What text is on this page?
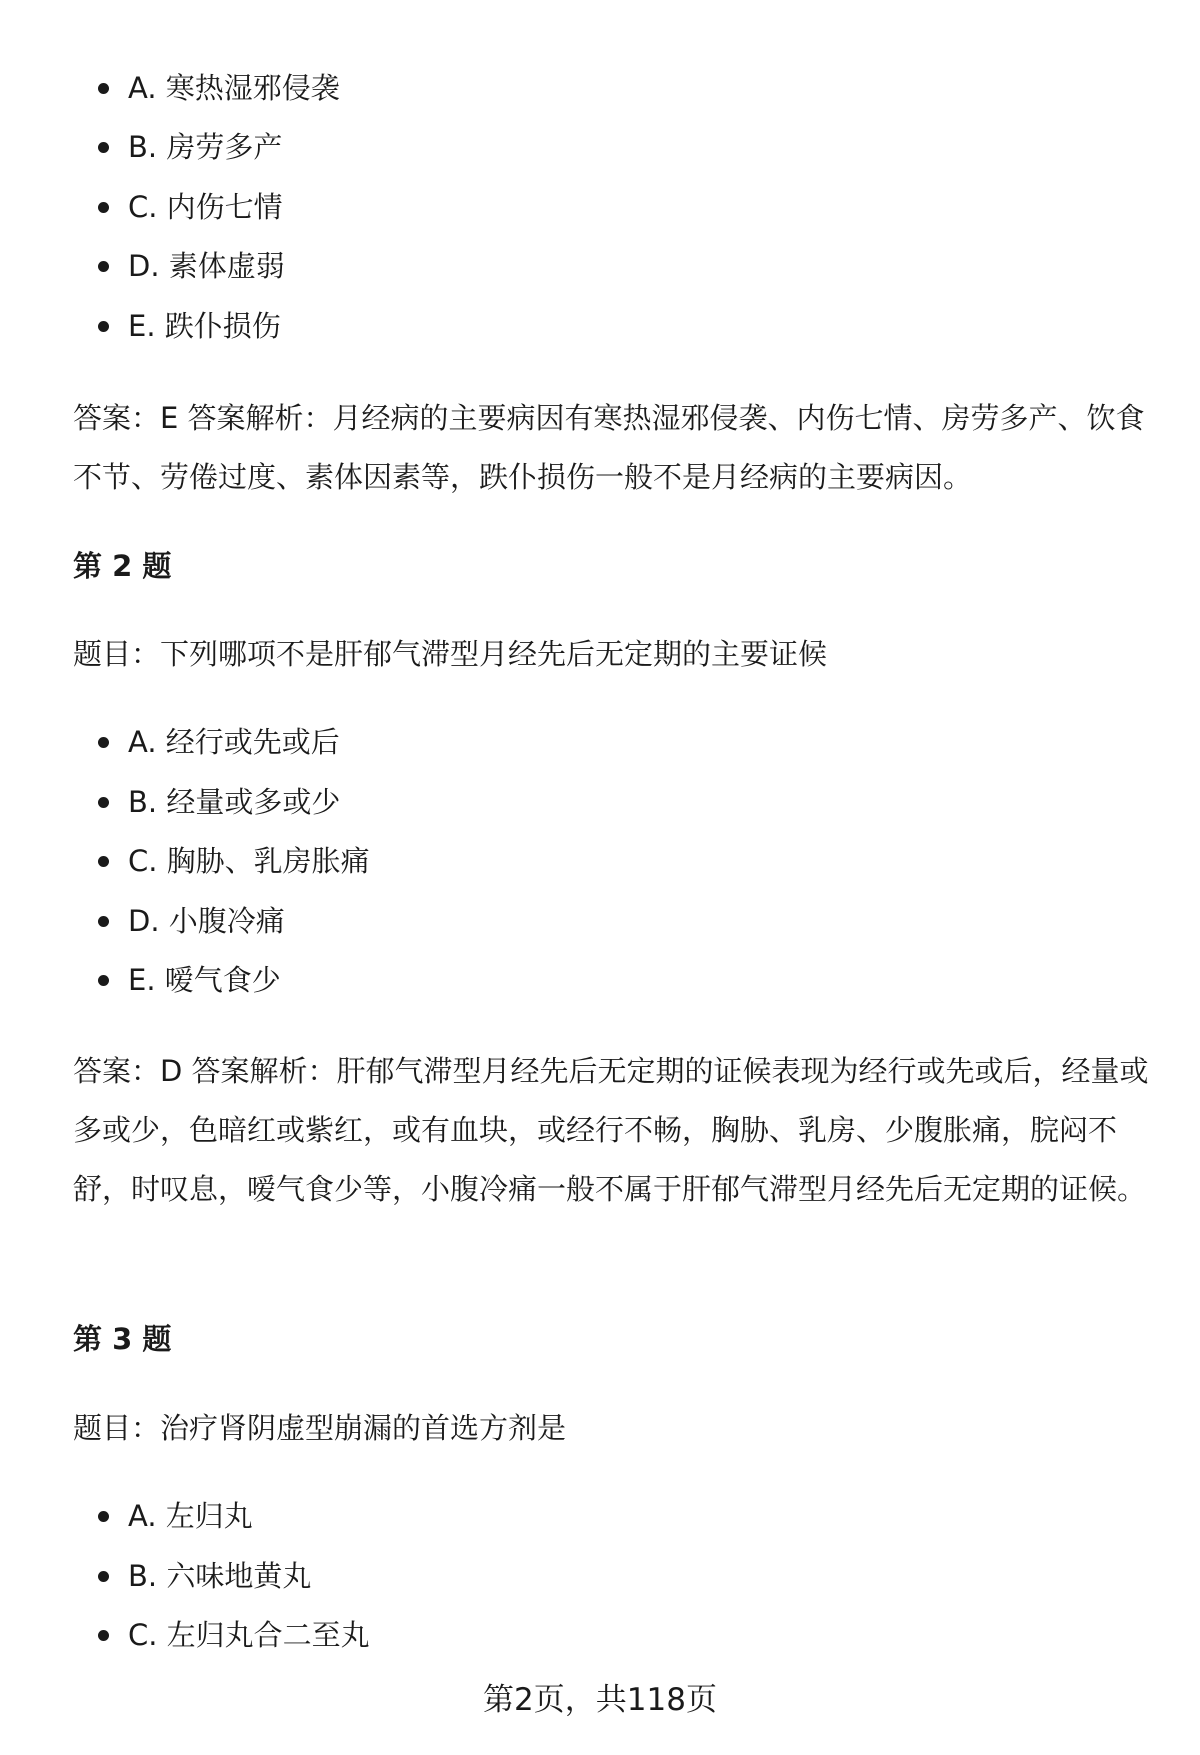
A. 寒热湿邪侵袭
B. 房劳多产
C. 内伤七情
D. 素体虚弱
E. 跌仆损伤

答案：E 答案解析：月经病的主要病因有寒热湿邪侵袭、内伤七情、房劳多产、饮食不节、劳倦过度、素体因素等，跌仆损伤一般不是月经病的主要病因。

第 2 题

题目：下列哪项不是肝郁气滞型月经先后无定期的主要证候

A. 经行或先或后
B. 经量或多或少
C. 胸胁、乳房胀痛
D. 小腹冷痛
E. 嗳气食少

答案：D 答案解析：肝郁气滞型月经先后无定期的证候表现为经行或先或后，经量或多或少，色暗红或紫红，或有血块，或经行不畅，胸胁、乳房、少腹胀痛，脘闷不舒，时叹息，嗳气食少等，小腹冷痛一般不属于肝郁气滞型月经先后无定期的证候。

第 3 题

题目：治疗肾阴虚型崩漏的首选方剂是

A. 左归丸
B. 六味地黄丸
C. 左归丸合二至丸
第2页，共118页
